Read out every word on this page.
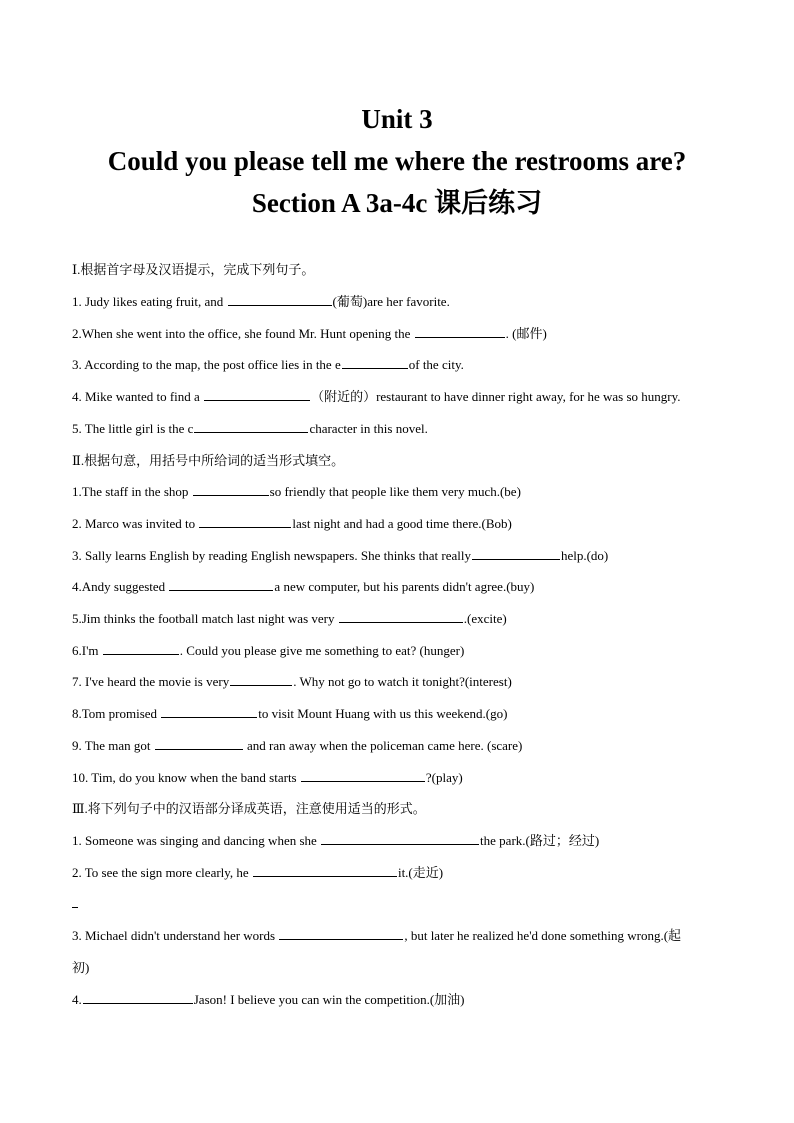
Unit 3
Could you please tell me where the restrooms are?
Section A 3a-4c 课后练习
Ⅰ.根据首字母及汉语提示，完成下列句子。
1. Judy likes eating fruit, and	(葡萄)are her favorite.
2.When she went into the office, she found Mr. Hunt opening the	. (邮件)
3. According to the map, the post office lies in the e	of the city.
4. Mike wanted to find a	（附近的）restaurant to have dinner right away, for he was so hungry.
5. The little girl is the c	character in this novel.
Ⅱ.根据句意，用括号中所给词的适当形式填空。
1.The staff in the shop	so friendly that people like them very much.(be)
2. Marco was invited to	last night and had a good time there.(Bob)
3. Sally learns English by reading English newspapers. She thinks that really	help.(do)
4.Andy suggested	a new computer, but his parents didn't agree.(buy)
5.Jim thinks the football match last night was very	.(excite)
6.I'm	. Could you please give me something to eat? (hunger)
7. I've heard the movie is very	. Why not go to watch it tonight?(interest)
8.Tom promised	to visit Mount Huang with us this weekend.(go)
9. The man got	and ran away when the policeman came here. (scare)
10. Tim, do you know when the band starts	?(play)
Ⅲ.将下列句子中的汉语部分译成英语，注意使用适当的形式。
1. Someone was singing and dancing when she	the park.(路过；经过)
2. To see the sign more clearly, he	it.(走近)
3. Michael didn't understand her words	, but later he realized he'd done something wrong.(起
初)
4.	Jason! I believe you can win the competition.(加油)
